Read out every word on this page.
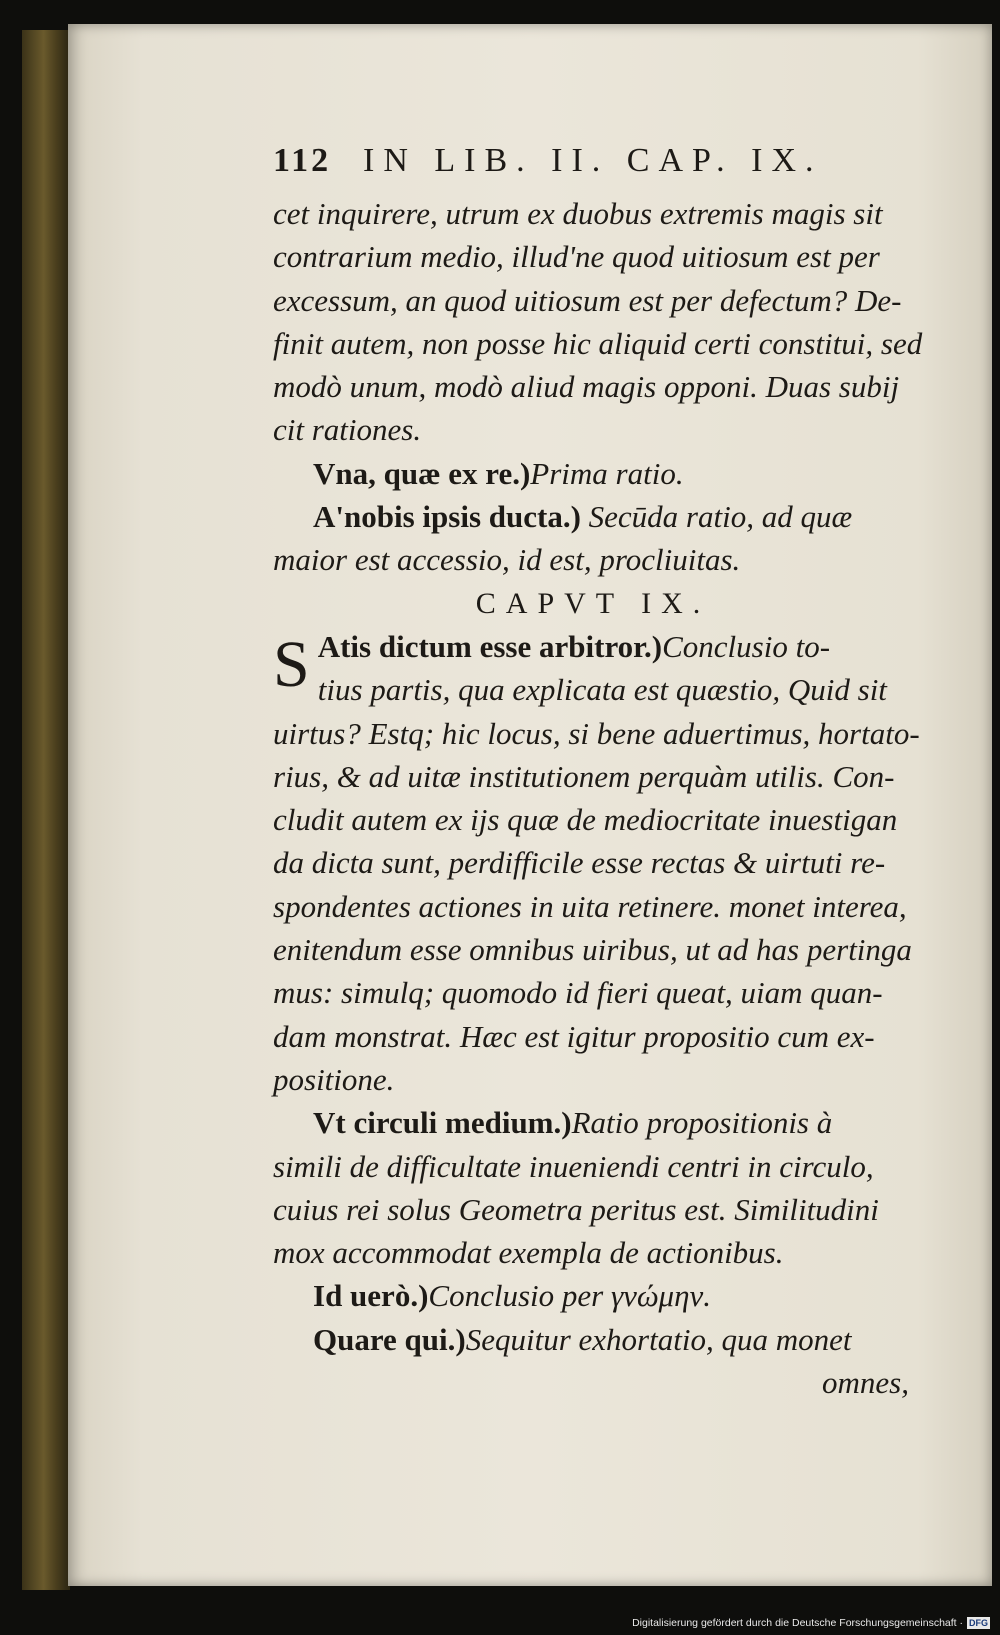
112 IN LIB. II. CAP. IX.
cet inquirere, utrum ex duobus extremis magis sit
contrarium medio, illud'ne quod uitiosum est per
excessum, an quod uitiosum est per defectum? De-
finit autem, non posse hic aliquid certi constitui, sed
modò unum, modò aliud magis opponi. Duas subij
cit rationes.
Vna, quæ ex re.)Prima ratio.
A'nobis ipsis ducta.) Secūda ratio, ad quæ
maior est accessio, id est, procliuitas.
CAPVT IX.
S Atis dictum esse arbitror.)Conclusio to-
tius partis, qua explicata est quæstio, Quid sit
uirtus? Estq; hic locus, si bene aduertimus, hortato-
rius, & ad uitæ institutionem perquàm utilis. Con-
cludit autem ex ijs quæ de mediocritate inuestigan
da dicta sunt, perdifficile esse rectas & uirtuti re-
spondentes actiones in uita retinere. monet interea,
enitendum esse omnibus uiribus, ut ad has pertinga
mus: simulq; quomodo id fieri queat, uiam quan-
dam monstrat. Hæc est igitur propositio cum ex-
positione.
Vt circuli medium.)Ratio propositionis à
simili de difficultate inueniendi centri in circulo,
cuius rei solus Geometra peritus est. Similitudini
mox accommodat exempla de actionibus.
Id uerò.)Conclusio per γνώμην.
Quare qui.)Sequitur exhortatio, qua monet
omnes,
Digitalisierung gefördert durch die Deutsche Forschungsgemeinschaft · DFG
